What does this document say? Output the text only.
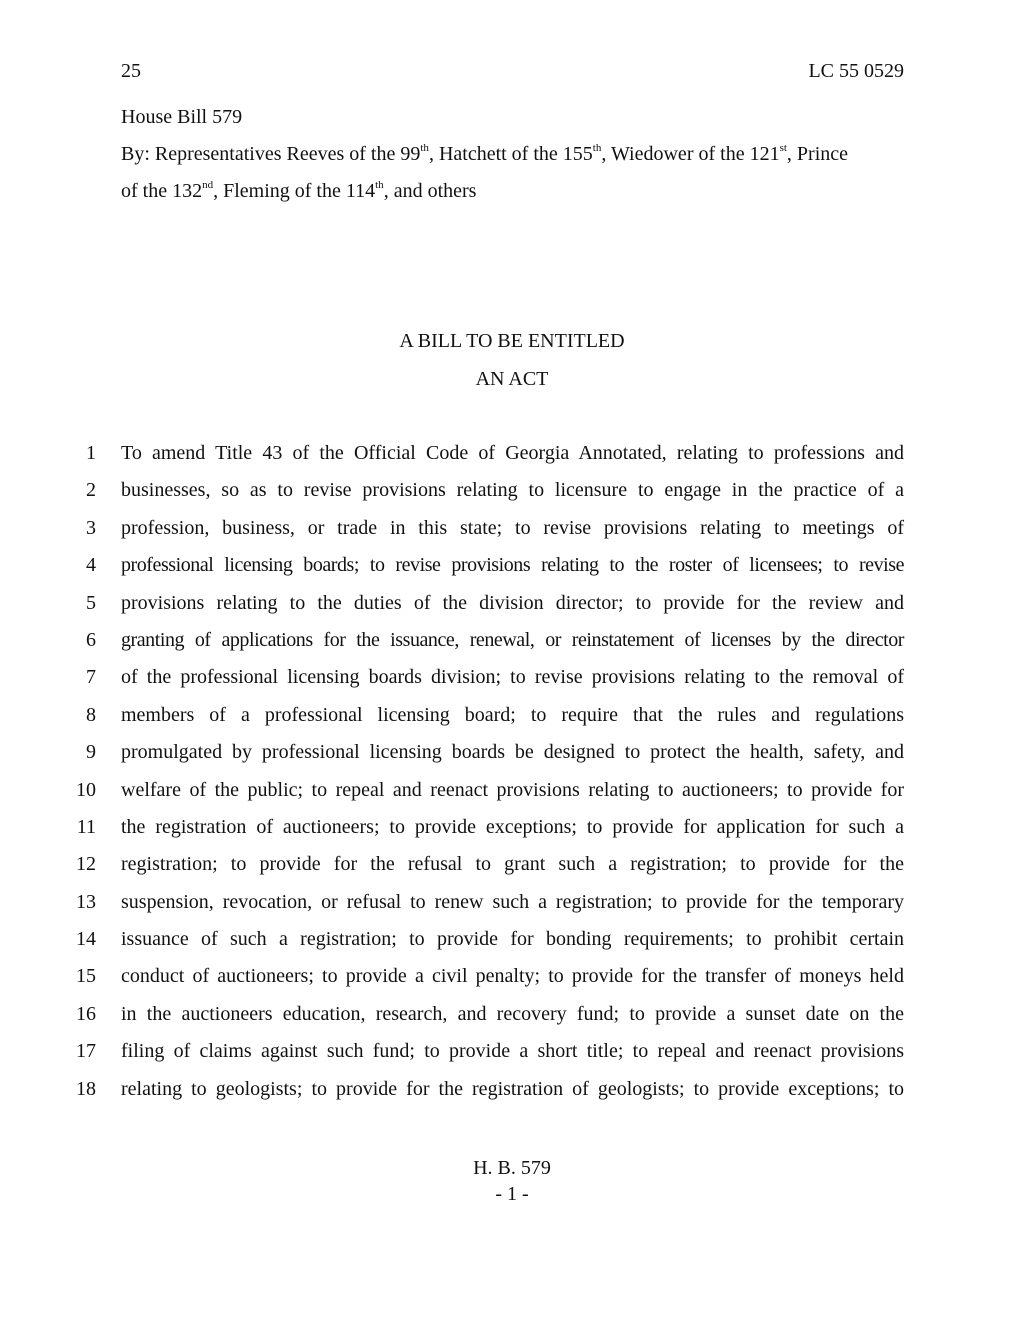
25	LC 55 0529
House Bill 579
By: Representatives Reeves of the 99th, Hatchett of the 155th, Wiedower of the 121st, Prince
of the 132nd, Fleming of the 114th, and others
A BILL TO BE ENTITLED
AN ACT
1 To amend Title 43 of the Official Code of Georgia Annotated, relating to professions and
2 businesses, so as to revise provisions relating to licensure to engage in the practice of a
3 profession, business, or trade in this state; to revise provisions relating to meetings of
4 professional licensing boards; to revise provisions relating to the roster of licensees; to revise
5 provisions relating to the duties of the division director; to provide for the review and
6 granting of applications for the issuance, renewal, or reinstatement of licenses by the director
7 of the professional licensing boards division; to revise provisions relating to the removal of
8 members of a professional licensing board; to require that the rules and regulations
9 promulgated by professional licensing boards be designed to protect the health, safety, and
10 welfare of the public; to repeal and reenact provisions relating to auctioneers; to provide for
11 the registration of auctioneers; to provide exceptions; to provide for application for such a
12 registration; to provide for the refusal to grant such a registration; to provide for the
13 suspension, revocation, or refusal to renew such a registration; to provide for the temporary
14 issuance of such a registration; to provide for bonding requirements; to prohibit certain
15 conduct of auctioneers; to provide a civil penalty; to provide for the transfer of moneys held
16 in the auctioneers education, research, and recovery fund; to provide a sunset date on the
17 filing of claims against such fund; to provide a short title; to repeal and reenact provisions
18 relating to geologists; to provide for the registration of geologists; to provide exceptions; to
H. B. 579
- 1 -
